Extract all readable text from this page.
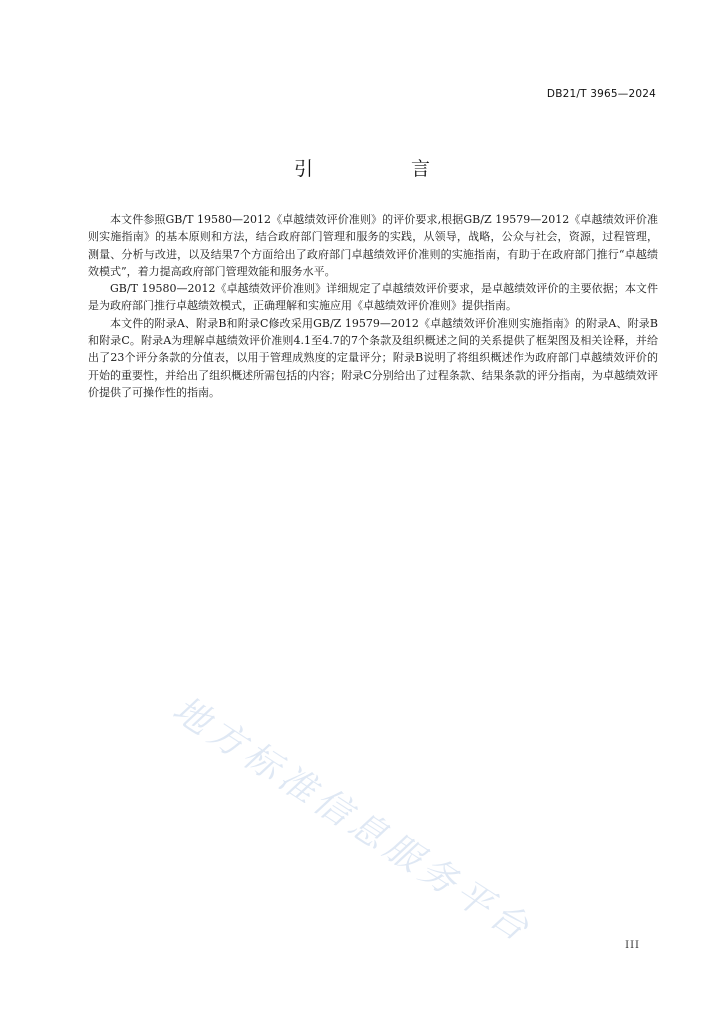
DB21/T 3965—2024
引 言

本文件参照GB/T 19580—2012《卓越绩效评价准则》的评价要求,根据GB/Z 19579—2012《卓越绩效评价准则实施指南》的基本原则和方法，结合政府部门管理和服务的实践，从领导，战略，公众与社会，资源，过程管理，测量、分析与改进，以及结果7个方面给出了政府部门卓越绩效评价准则的实施指南，有助于在政府部门推行“卓越绩效模式”，着力提高政府部门管理效能和服务水平。

GB/T 19580—2012《卓越绩效评价准则》详细规定了卓越绩效评价要求，是卓越绩效评价的主要依据；本文件是为政府部门推行卓越绩效模式，正确理解和实施应用《卓越绩效评价准则》提供指南。

本文件的附录A、附录B和附录C修改采用GB/Z 19579—2012《卓越绩效评价准则实施指南》的附录A、附录B和附录C。附录A为理解卓越绩效评价准则4.1至4.7的7个条款及组织概述之间的关系提供了框架图及相关诠释，并给出了23个评分条款的分值表，以用于管理成熟度的定量评分；附录B说明了将组织概述作为政府部门卓越绩效评价的开始的重要性，并给出了组织概述所需包括的内容；附录C分别给出了过程条款、结果条款的评分指南，为卓越绩效评价提供了可操作性的指南。

地方标准信息服务平台	III
